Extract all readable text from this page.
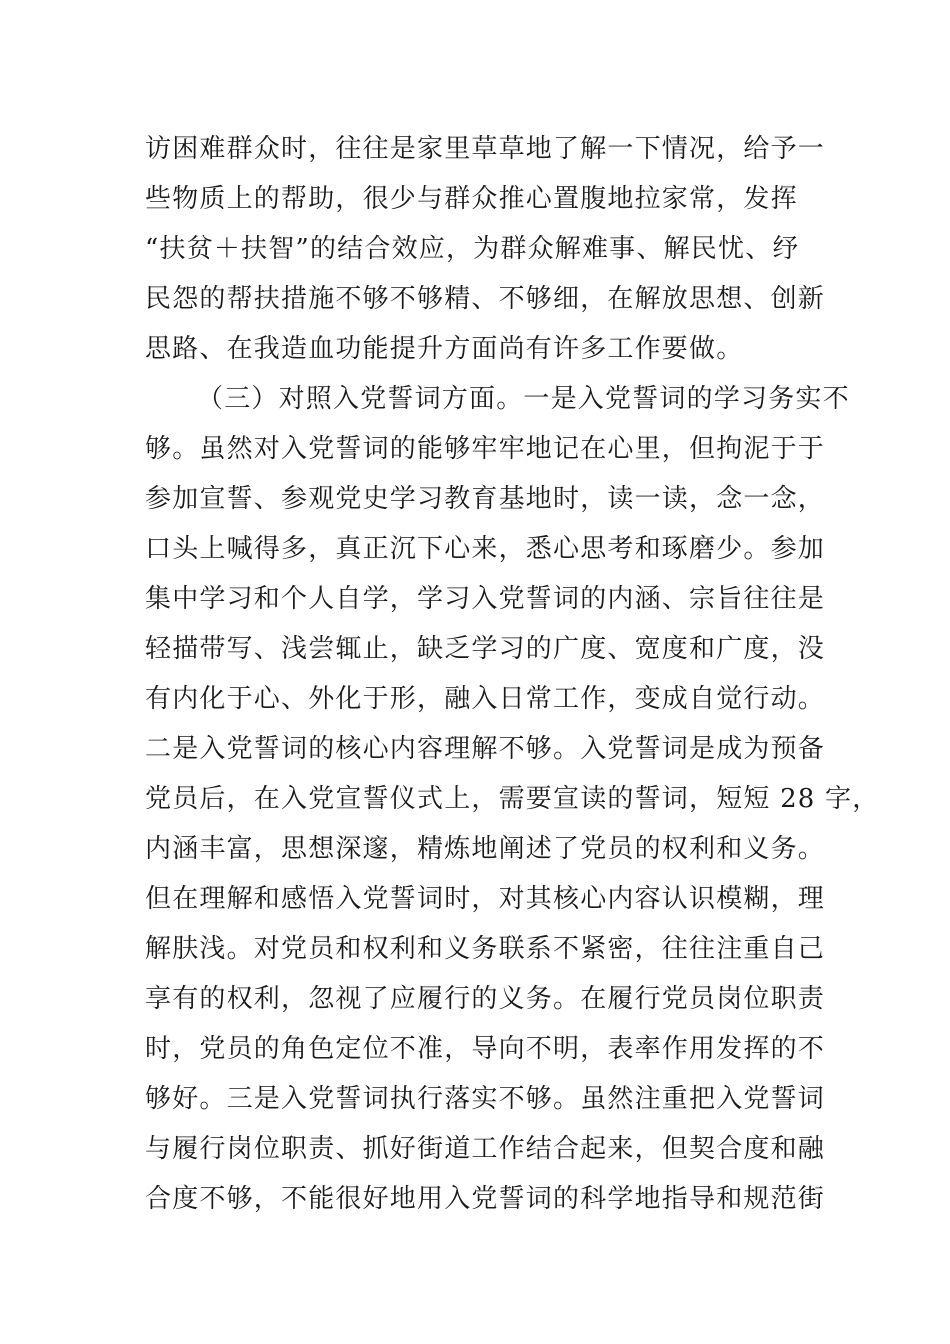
访困难群众时，往往是家里草草地了解一下情况，给予一
些物质上的帮助，很少与群众推心置腹地拉家常，发挥
“扶贫＋扶智”的结合效应，为群众解难事、解民忧、纾
民怨的帮扶措施不够不够精、不够细，在解放思想、创新
思路、在我造血功能提升方面尚有许多工作要做。
（三）对照入党誓词方面。一是入党誓词的学习务实不
够。虽然对入党誓词的能够牢牢地记在心里，但拘泥于于
参加宣誓、参观党史学习教育基地时，读一读，念一念，
口头上喊得多，真正沉下心来，悉心思考和琢磨少。参加
集中学习和个人自学，学习入党誓词的内涵、宗旨往往是
轻描带写、浅尝辄止，缺乏学习的广度、宽度和广度，没
有内化于心、外化于形，融入日常工作，变成自觉行动。
二是入党誓词的核心内容理解不够。入党誓词是成为预备
党员后，在入党宣誓仪式上，需要宣读的誓词，短短 28 字，
内涵丰富，思想深邃，精炼地阐述了党员的权利和义务。
但在理解和感悟入党誓词时，对其核心内容认识模糊，理
解肤浅。对党员和权利和义务联系不紧密，往往注重自己
享有的权利，忽视了应履行的义务。在履行党员岗位职责
时，党员的角色定位不准，导向不明，表率作用发挥的不
够好。三是入党誓词执行落实不够。虽然注重把入党誓词
与履行岗位职责、抓好街道工作结合起来，但契合度和融
合度不够，不能很好地用入党誓词的科学地指导和规范街
